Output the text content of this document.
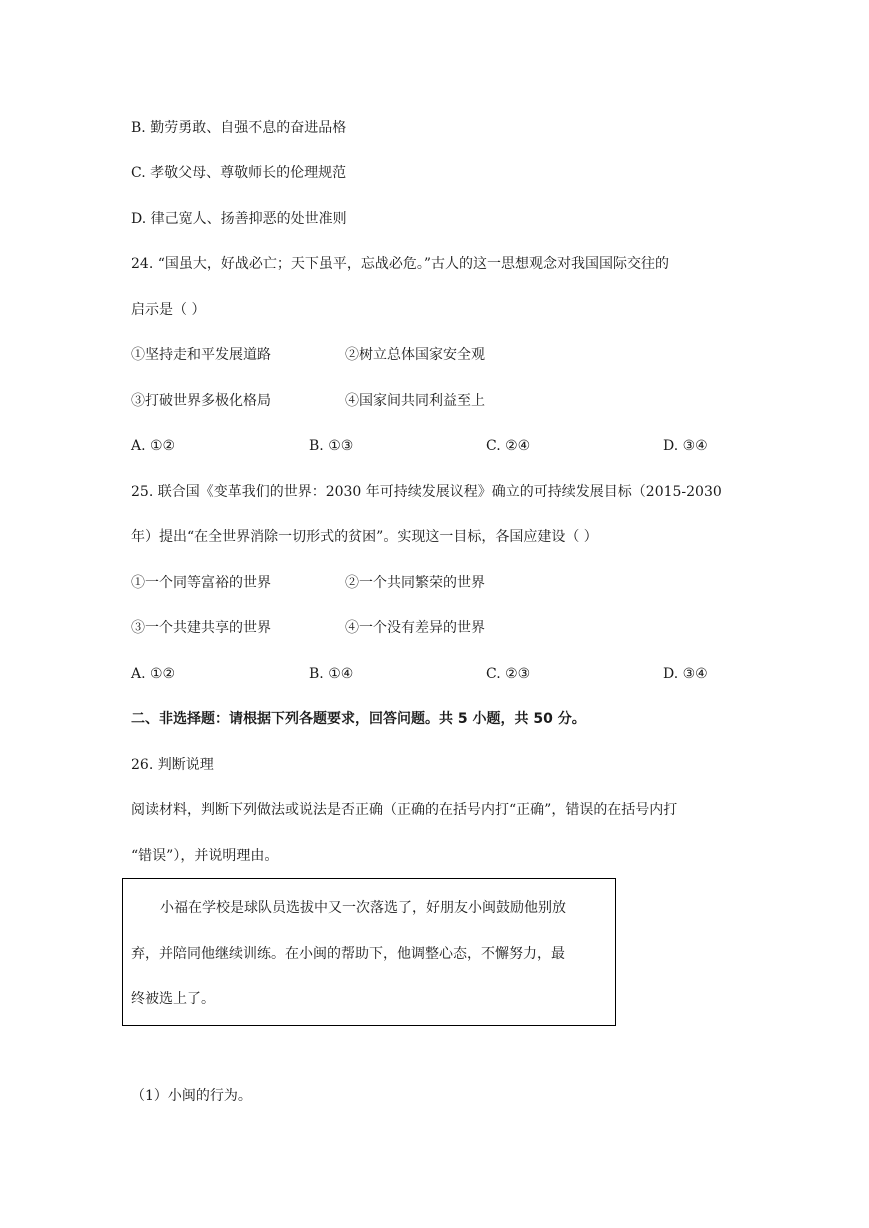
B. 勤劳勇敢、自强不息的奋进品格
C. 孝敬父母、尊敬师长的伦理规范
D. 律己宽人、扬善抑恶的处世准则
24. “国虽大，好战必亡；天下虽平，忘战必危。”古人的这一思想观念对我国国际交往的
启示是（ ）
①坚持走和平发展道路	②树立总体国家安全观
③打破世界多极化格局	④国家间共同利益至上
A. ①②	B. ①③	C. ②④	D. ③④
25. 联合国《变革我们的世界：2030 年可持续发展议程》确立的可持续发展目标（2015-2030
年）提出“在全世界消除一切形式的贫困”。实现这一目标，各国应建设（ ）
①一个同等富裕的世界	②一个共同繁荣的世界
③一个共建共享的世界	④一个没有差异的世界
A. ①②	B. ①④	C. ②③	D. ③④
二、非选择题：请根据下列各题要求，回答问题。共 5 小题，共 50 分。
26. 判断说理
阅读材料，判断下列做法或说法是否正确（正确的在括号内打“正确”，错误的在括号内打
“错误”），并说明理由。
小福在学校是球队员选拔中又一次落选了，好朋友小闽鼓励他别放
弃，并陪同他继续训练。在小闽的帮助下，他调整心态，不懈努力，最
终被选上了。
（1）小闽的行为。
